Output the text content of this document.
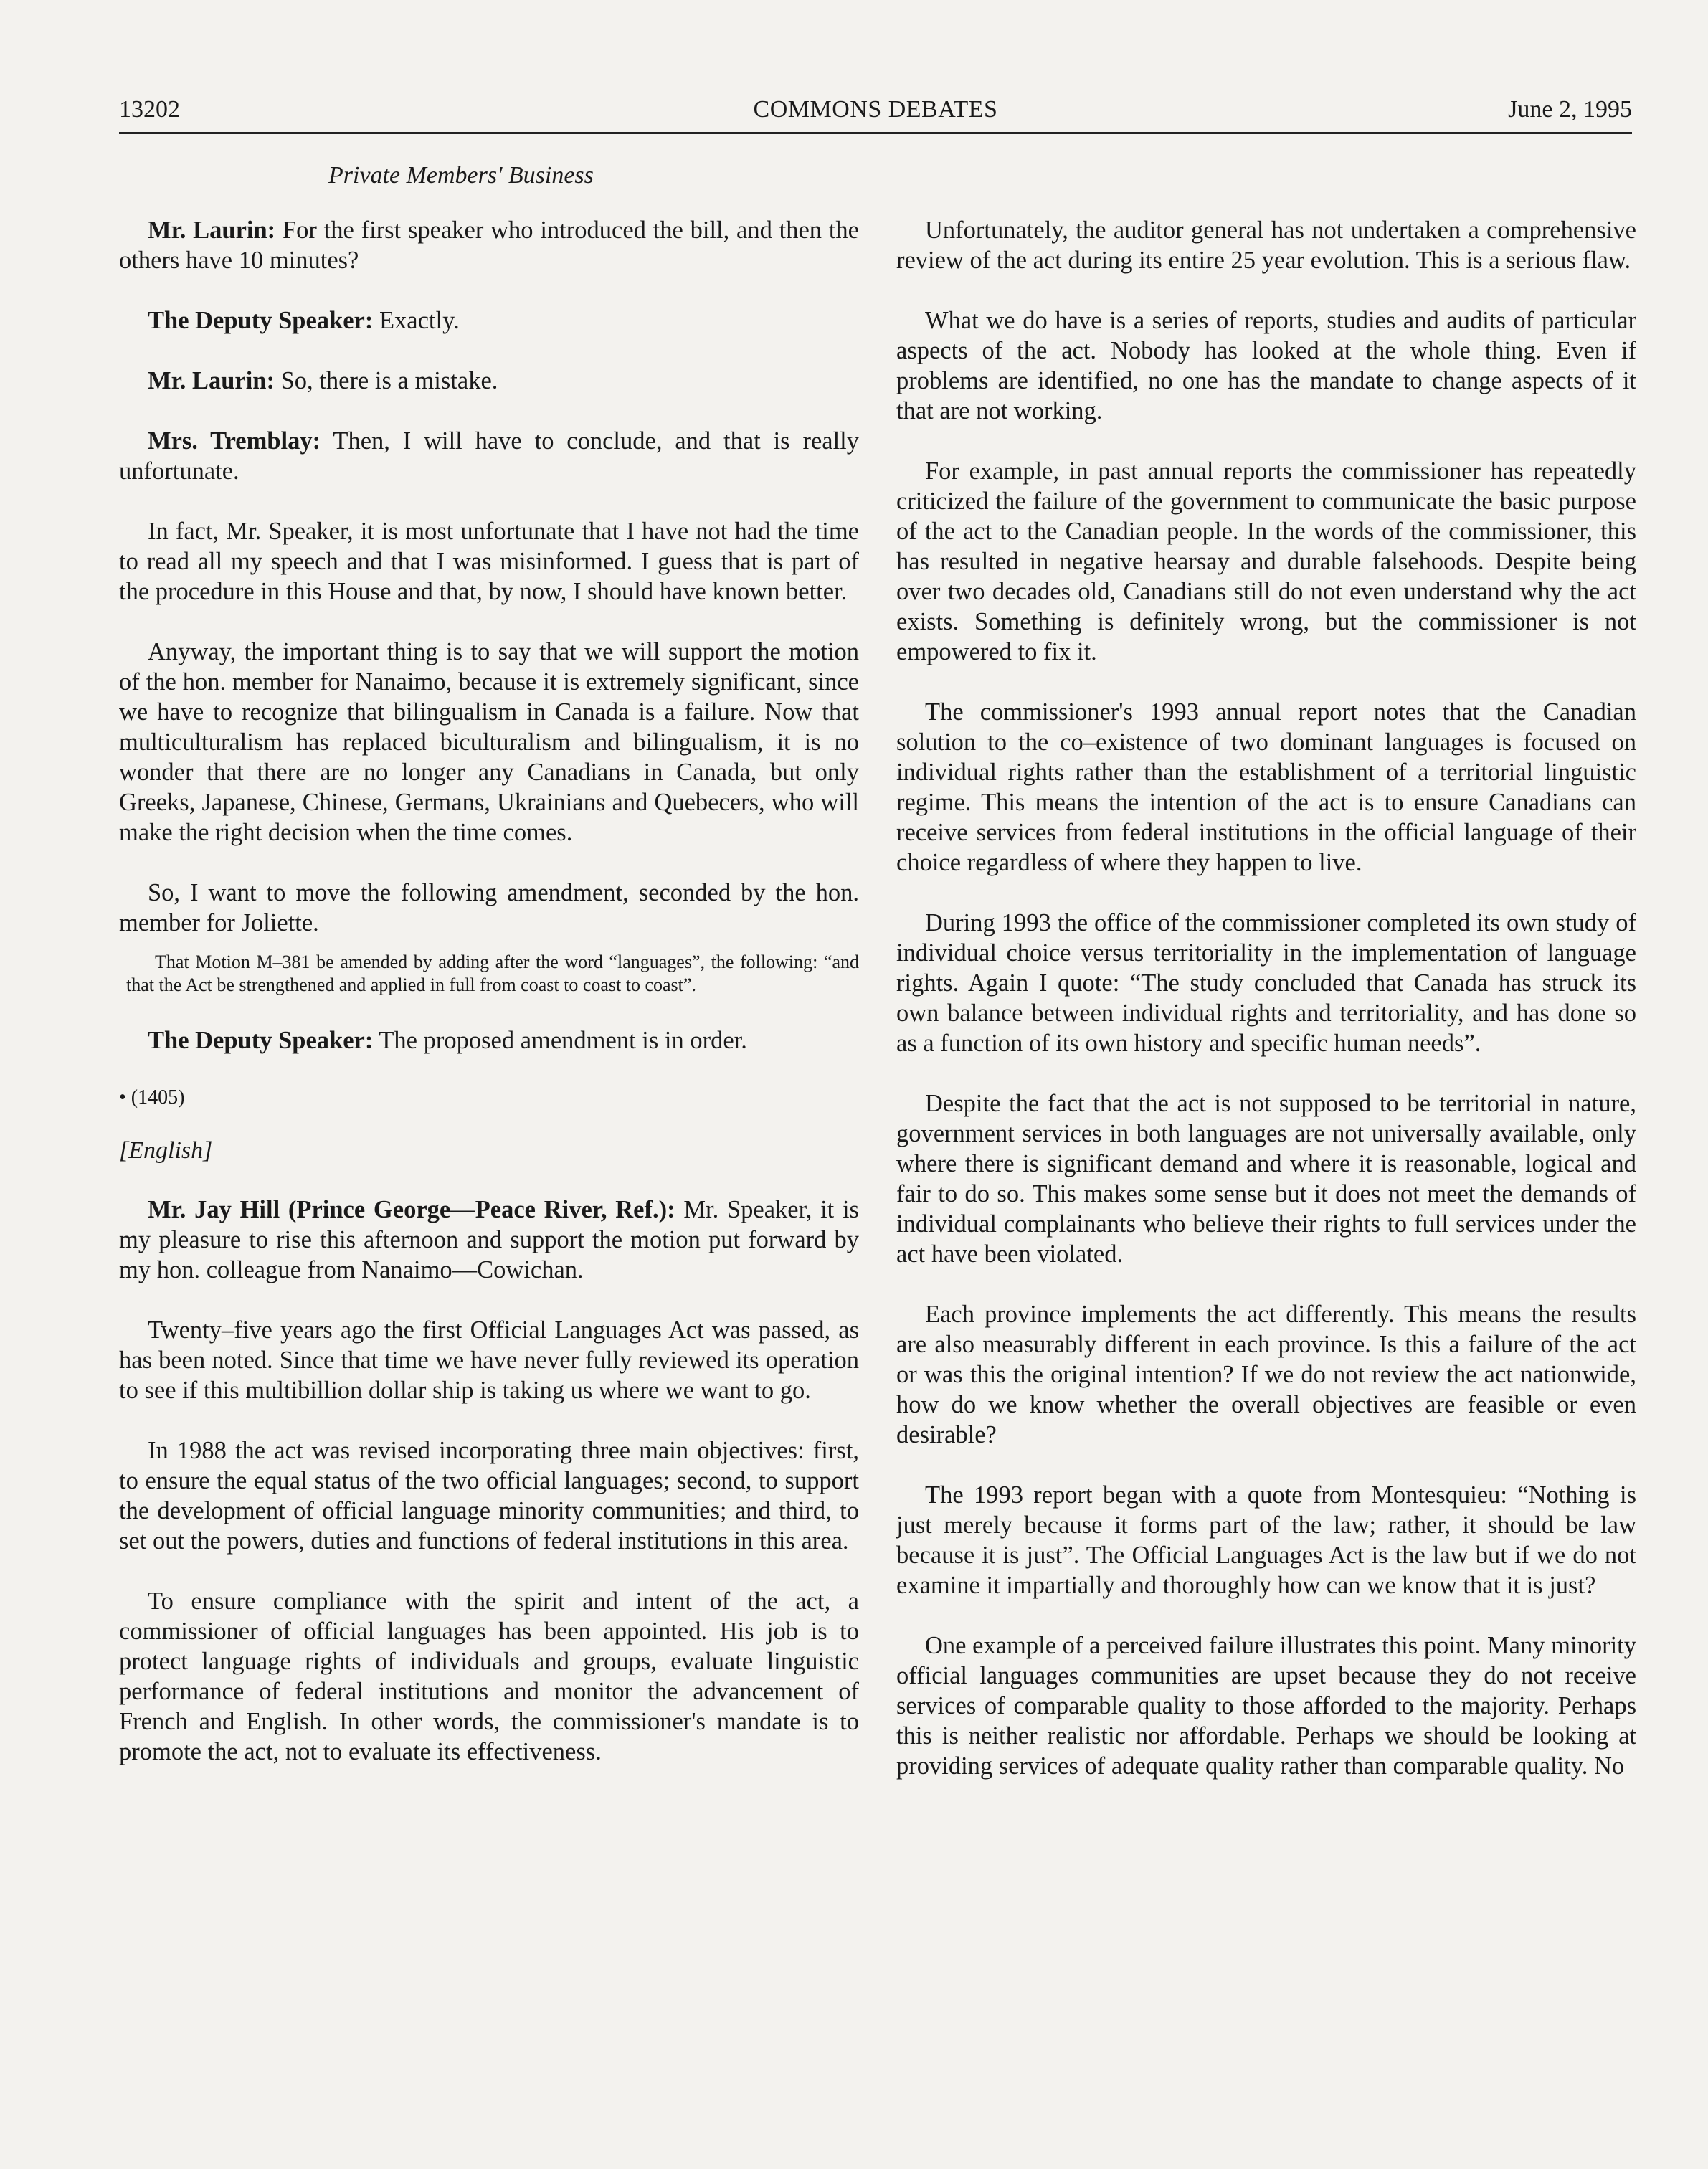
13202	COMMONS DEBATES	June 2, 1995
Private Members' Business

Mr. Laurin: For the first speaker who introduced the bill, and then the others have 10 minutes?

The Deputy Speaker: Exactly.

Mr. Laurin: So, there is a mistake.

Mrs. Tremblay: Then, I will have to conclude, and that is really unfortunate.

In fact, Mr. Speaker, it is most unfortunate that I have not had the time to read all my speech and that I was misinformed. I guess that is part of the procedure in this House and that, by now, I should have known better.

Anyway, the important thing is to say that we will support the motion of the hon. member for Nanaimo, because it is extremely significant, since we have to recognize that bilingualism in Canada is a failure. Now that multiculturalism has replaced biculturalism and bilingualism, it is no wonder that there are no longer any Canadians in Canada, but only Greeks, Japanese, Chinese, Germans, Ukrainians and Quebecers, who will make the right decision when the time comes.

So, I want to move the following amendment, seconded by the hon. member for Joliette.

That Motion M–381 be amended by adding after the word “languages”, the following: “and that the Act be strengthened and applied in full from coast to coast to coast”.

The Deputy Speaker: The proposed amendment is in order.

• (1405)

[English]

Mr. Jay Hill (Prince George—Peace River, Ref.): Mr. Speaker, it is my pleasure to rise this afternoon and support the motion put forward by my hon. colleague from Nanaimo—Cowichan.

Twenty–five years ago the first Official Languages Act was passed, as has been noted. Since that time we have never fully reviewed its operation to see if this multibillion dollar ship is taking us where we want to go.

In 1988 the act was revised incorporating three main objectives: first, to ensure the equal status of the two official languages; second, to support the development of official language minority communities; and third, to set out the powers, duties and functions of federal institutions in this area.

To ensure compliance with the spirit and intent of the act, a commissioner of official languages has been appointed. His job is to protect language rights of individuals and groups, evaluate linguistic performance of federal institutions and monitor the advancement of French and English. In other words, the commissioner's mandate is to promote the act, not to evaluate its effectiveness.

Unfortunately, the auditor general has not undertaken a comprehensive review of the act during its entire 25 year evolution. This is a serious flaw.

What we do have is a series of reports, studies and audits of particular aspects of the act. Nobody has looked at the whole thing. Even if problems are identified, no one has the mandate to change aspects of it that are not working.

For example, in past annual reports the commissioner has repeatedly criticized the failure of the government to communicate the basic purpose of the act to the Canadian people. In the words of the commissioner, this has resulted in negative hearsay and durable falsehoods. Despite being over two decades old, Canadians still do not even understand why the act exists. Something is definitely wrong, but the commissioner is not empowered to fix it.

The commissioner's 1993 annual report notes that the Canadian solution to the co–existence of two dominant languages is focused on individual rights rather than the establishment of a territorial linguistic regime. This means the intention of the act is to ensure Canadians can receive services from federal institutions in the official language of their choice regardless of where they happen to live.

During 1993 the office of the commissioner completed its own study of individual choice versus territoriality in the implementation of language rights. Again I quote: “The study concluded that Canada has struck its own balance between individual rights and territoriality, and has done so as a function of its own history and specific human needs”.

Despite the fact that the act is not supposed to be territorial in nature, government services in both languages are not universally available, only where there is significant demand and where it is reasonable, logical and fair to do so. This makes some sense but it does not meet the demands of individual complainants who believe their rights to full services under the act have been violated.

Each province implements the act differently. This means the results are also measurably different in each province. Is this a failure of the act or was this the original intention? If we do not review the act nationwide, how do we know whether the overall objectives are feasible or even desirable?

The 1993 report began with a quote from Montesquieu: “Nothing is just merely because it forms part of the law; rather, it should be law because it is just”. The Official Languages Act is the law but if we do not examine it impartially and thoroughly how can we know that it is just?

One example of a perceived failure illustrates this point. Many minority official languages communities are upset because they do not receive services of comparable quality to those afforded to the majority. Perhaps this is neither realistic nor affordable. Perhaps we should be looking at providing services of adequate quality rather than comparable quality. No
